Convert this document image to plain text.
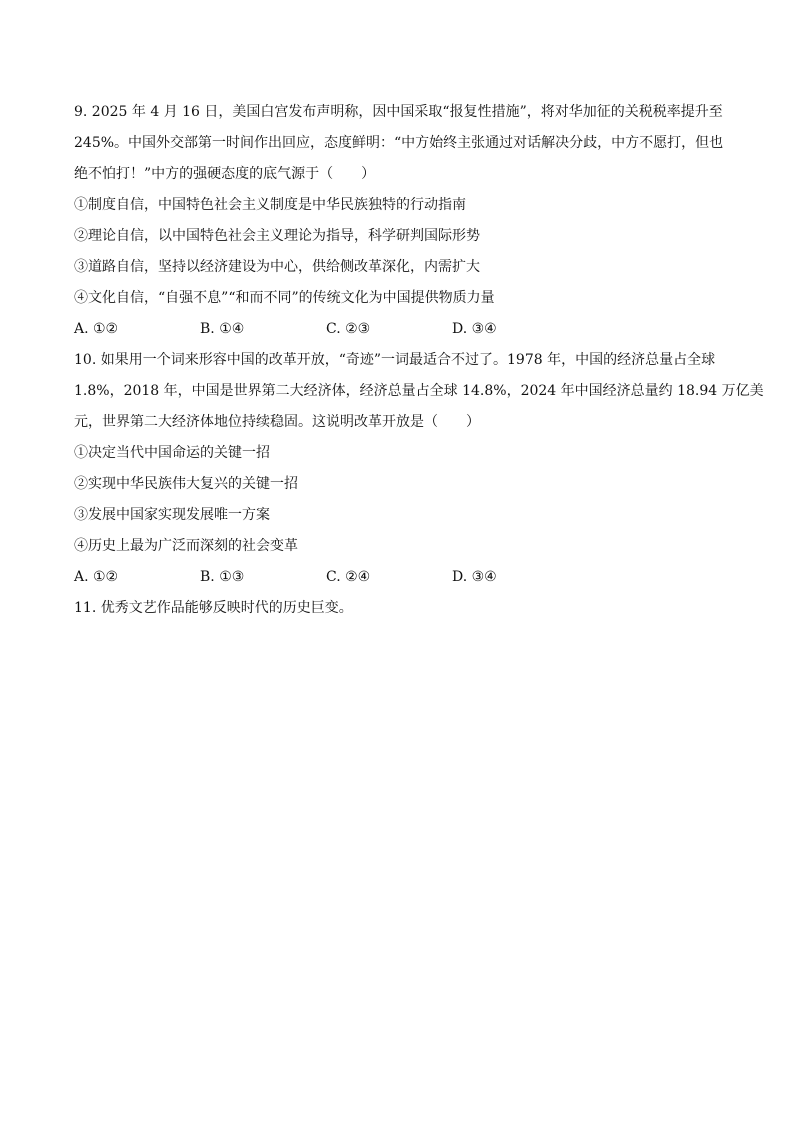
9. 2025 年 4 月 16 日，美国白宫发布声明称，因中国采取“报复性措施”，将对华加征的关税税率提升至
245%。中国外交部第一时间作出回应，态度鲜明：“中方始终主张通过对话解决分歧，中方不愿打，但也
绝不怕打！”中方的强硬态度的底气源于（　　）
①制度自信，中国特色社会主义制度是中华民族独特的行动指南
②理论自信，以中国特色社会主义理论为指导，科学研判国际形势
③道路自信，坚持以经济建设为中心，供给侧改革深化，内需扩大
④文化自信，“自强不息”“和而不同”的传统文化为中国提供物质力量
A. ①②	B. ①④	C. ②③	D. ③④
10. 如果用一个词来形容中国的改革开放，“奇迹”一词最适合不过了。1978 年，中国的经济总量占全球
1.8%，2018 年，中国是世界第二大经济体，经济总量占全球 14.8%，2024 年中国经济总量约 18.94 万亿美
元，世界第二大经济体地位持续稳固。这说明改革开放是（　　）
①决定当代中国命运的关键一招
②实现中华民族伟大复兴的关键一招
③发展中国家实现发展唯一方案
④历史上最为广泛而深刻的社会变革
A. ①②	B. ①③	C. ②④	D. ③④
11. 优秀文艺作品能够反映时代的历史巨变。
